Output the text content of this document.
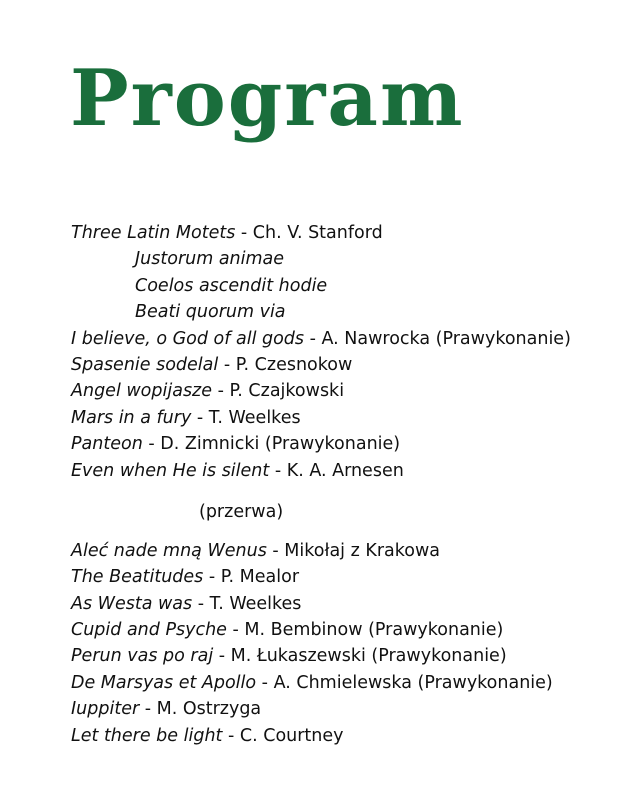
Program
Three Latin Motets - Ch. V. Stanford
Justorum animae
Coelos ascendit hodie
Beati quorum via
I believe, o God of all gods - A. Nawrocka (Prawykonanie)
Spasenie sodelal - P. Czesnokow
Angel wopijasze - P. Czajkowski
Mars in a fury - T. Weelkes
Panteon - D. Zimnicki (Prawykonanie)
Even when He is silent - K. A. Arnesen
(przerwa)
Aleć nade mną Wenus - Mikołaj z Krakowa
The Beatitudes - P. Mealor
As Westa was - T. Weelkes
Cupid and Psyche - M. Bembinow (Prawykonanie)
Perun vas po raj - M. Łukaszewski (Prawykonanie)
De Marsyas et Apollo - A. Chmielewska (Prawykonanie)
Iuppiter - M. Ostrzyga
Let there be light - C. Courtney
